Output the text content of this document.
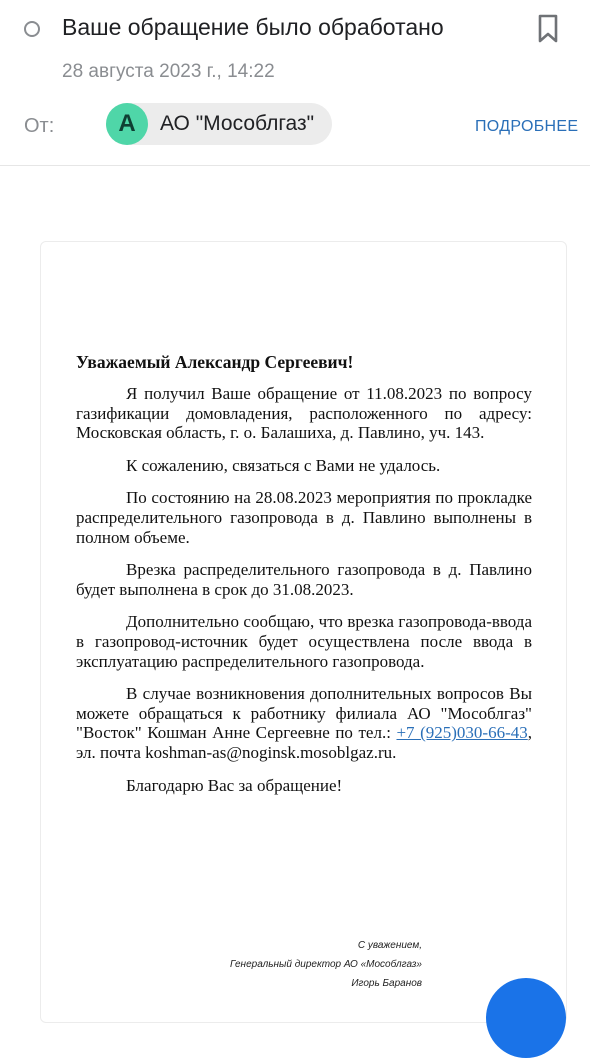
Ваше обращение было обработано
28 августа 2023 г., 14:22
От:	А	АО "Мособлгаз"	ПОДРОБНЕЕ
Уважаемый Александр Сергеевич!

Я получил Ваше обращение от 11.08.2023 по вопросу газификации домовладения, расположенного по адресу: Московская область, г. о. Балашиха, д. Павлино, уч. 143.

К сожалению, связаться с Вами не удалось.

По состоянию на 28.08.2023 мероприятия по прокладке распределительного газопровода в д. Павлино выполнены в полном объеме.

Врезка распределительного газопровода в д. Павлино будет выполнена в срок до 31.08.2023.

Дополнительно сообщаю, что врезка газопровода-ввода в газопровод-источник будет осуществлена после ввода в эксплуатацию распределительного газопровода.

В случае возникновения дополнительных вопросов Вы можете обращаться к работнику филиала АО "Мособлгаз" "Восток" Кошман Анне Сергеевне по тел.: +7 (925)030-66-43, эл. почта koshman-as@noginsk.mosoblgaz.ru.

Благодарю Вас за обращение!

С уважением,
Генеральный директор АО «Мособлгаз»
Игорь Баранов
